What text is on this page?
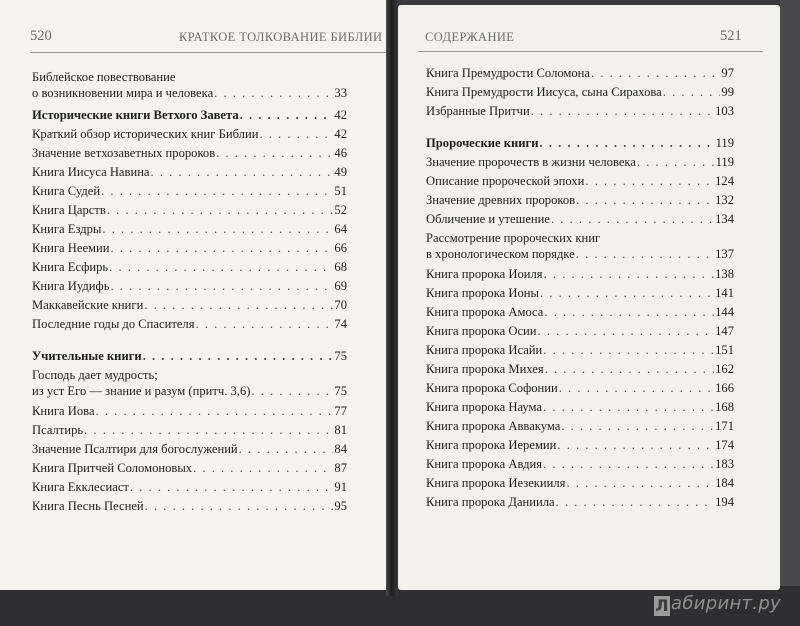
520	КРАТКОЕ ТОЛКОВАНИЕ БИБЛИИ
Библейское повествование
о возникновении мира и человека . . .	33
Исторические книги Ветхого Завета . . .	42
Краткий обзор исторических книг Библии . . .	42
Значение ветхозаветных пророков . . .	46
Книга Иисуса Навина . . .	49
Книга Судей . . .	51
Книга Царств . . .	52
Книга Ездры . . .	64
Книга Неемии . . .	66
Книга Есфирь . . .	68
Книга Иудифь . . .	69
Маккавейские книги . . .	70
Последние годы до Спасителя . . .	74
Учительные книги . . .	75
Господь дает мудрость;
из уст Его — знание и разум (притч. 3,6) . . .	75
Книга Иова . . .	77
Псалтирь . . .	81
Значение Псалтири для богослужений . . .	84
Книга Притчей Соломоновых . . .	87
Книга Екклесиаст . . .	91
Книга Песнь Песней . . .	95
СОДЕРЖАНИЕ	521
Книга Премудрости Соломона . . .	97
Книга Премудрости Иисуса, сына Сирахова . . .	99
Избранные Притчи . . .	103
Пророческие книги . . .	119
Значение пророчеств в жизни человека . . .	119
Описание пророческой эпохи . . .	124
Значение древних пророков . . .	132
Обличение и утешение . . .	134
Рассмотрение пророческих книг
в хронологическом порядке . . .	137
Книга пророка Иоиля . . .	138
Книга пророка Ионы . . .	141
Книга пророка Амоса . . .	144
Книга пророка Осии . . .	147
Книга пророка Исайи . . .	151
Книга пророка Михея . . .	162
Книга пророка Софонии . . .	166
Книга пророка Наума . . .	168
Книга пророка Аввакума . . .	171
Книга пророка Иеремии . . .	174
Книга пророка Авдия . . .	183
Книга пророка Иезекииля . . .	184
Книга пророка Даниила . . .	194
Л абиринт.ру
